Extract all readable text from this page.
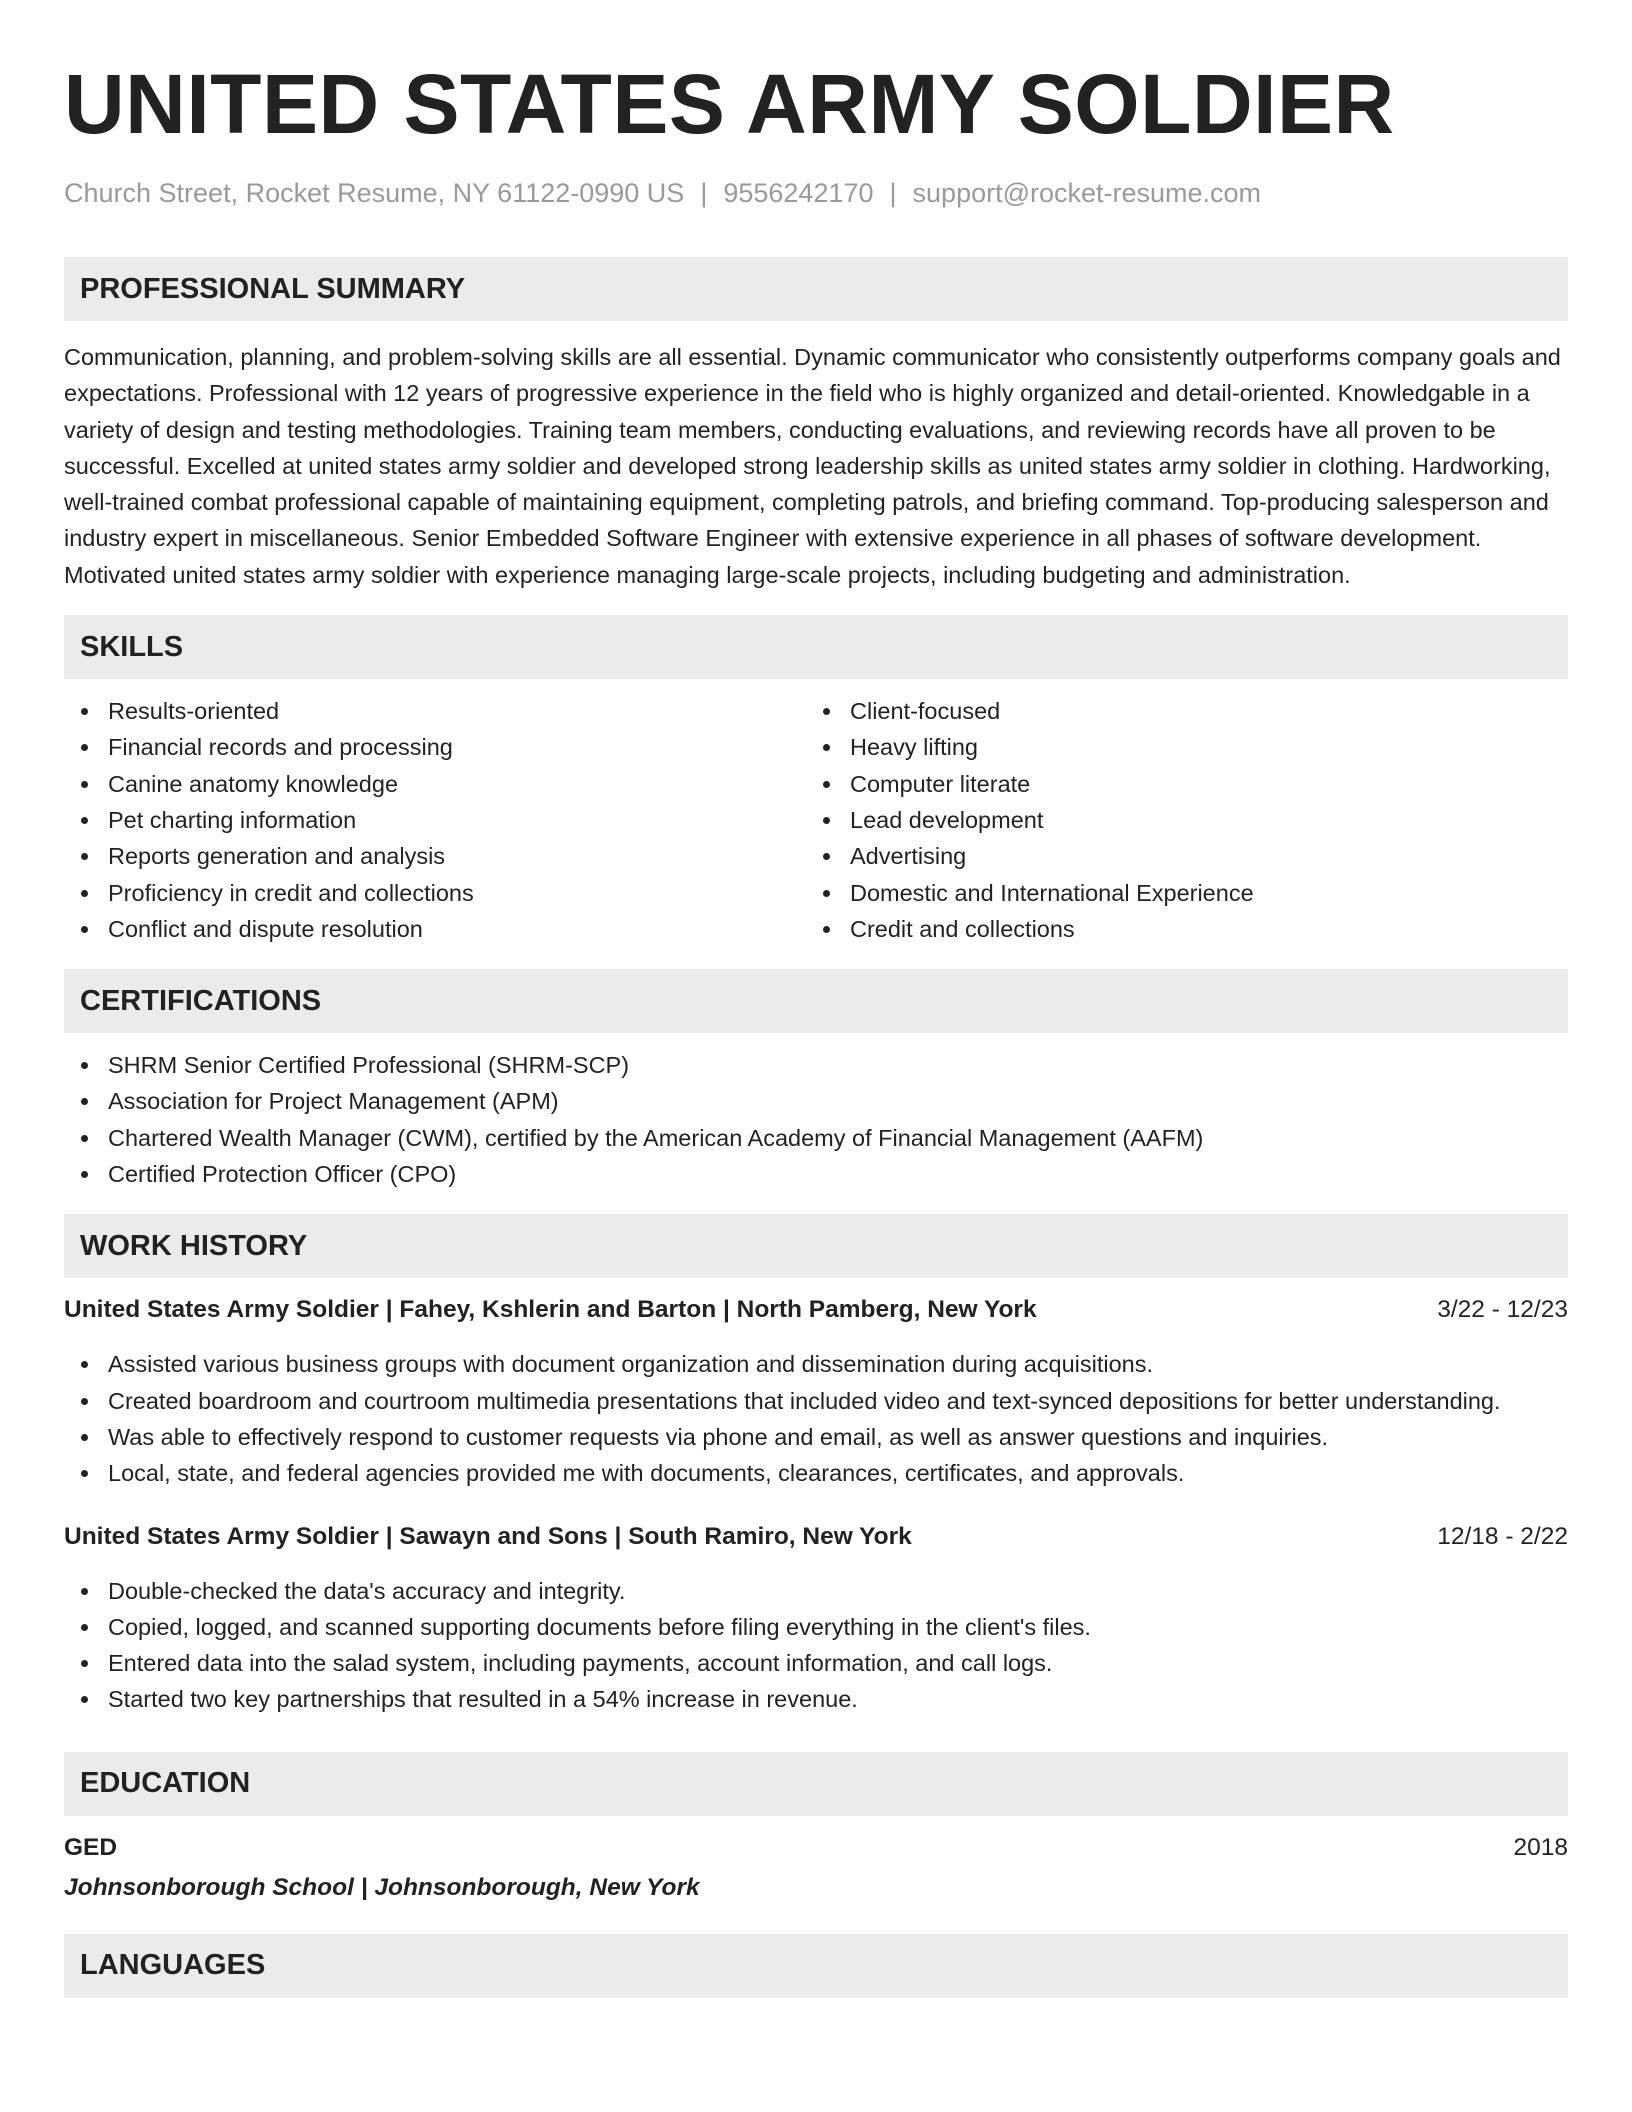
UNITED STATES ARMY SOLDIER
Church Street, Rocket Resume, NY 61122-0990 US | 9556242170 | support@rocket-resume.com
PROFESSIONAL SUMMARY
Communication, planning, and problem-solving skills are all essential. Dynamic communicator who consistently outperforms company goals and expectations. Professional with 12 years of progressive experience in the field who is highly organized and detail-oriented. Knowledgable in a variety of design and testing methodologies. Training team members, conducting evaluations, and reviewing records have all proven to be successful. Excelled at united states army soldier and developed strong leadership skills as united states army soldier in clothing. Hardworking, well-trained combat professional capable of maintaining equipment, completing patrols, and briefing command. Top-producing salesperson and industry expert in miscellaneous. Senior Embedded Software Engineer with extensive experience in all phases of software development. Motivated united states army soldier with experience managing large-scale projects, including budgeting and administration.
SKILLS
Results-oriented
Financial records and processing
Canine anatomy knowledge
Pet charting information
Reports generation and analysis
Proficiency in credit and collections
Conflict and dispute resolution
Client-focused
Heavy lifting
Computer literate
Lead development
Advertising
Domestic and International Experience
Credit and collections
CERTIFICATIONS
SHRM Senior Certified Professional (SHRM-SCP)
Association for Project Management (APM)
Chartered Wealth Manager (CWM), certified by the American Academy of Financial Management (AAFM)
Certified Protection Officer (CPO)
WORK HISTORY
United States Army Soldier | Fahey, Kshlerin and Barton | North Pamberg, New York	3/22 - 12/23
Assisted various business groups with document organization and dissemination during acquisitions.
Created boardroom and courtroom multimedia presentations that included video and text-synced depositions for better understanding.
Was able to effectively respond to customer requests via phone and email, as well as answer questions and inquiries.
Local, state, and federal agencies provided me with documents, clearances, certificates, and approvals.
United States Army Soldier | Sawayn and Sons | South Ramiro, New York	12/18 - 2/22
Double-checked the data's accuracy and integrity.
Copied, logged, and scanned supporting documents before filing everything in the client's files.
Entered data into the salad system, including payments, account information, and call logs.
Started two key partnerships that resulted in a 54% increase in revenue.
EDUCATION
GED	2018
Johnsonborough School | Johnsonborough, New York
LANGUAGES
